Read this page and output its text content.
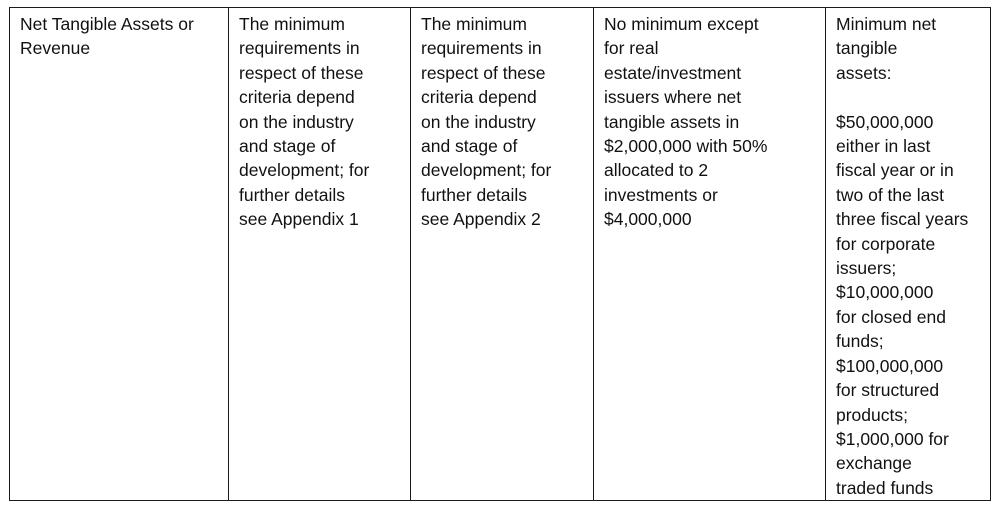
Net Tangible Assets or
Revenue	The minimum
requirements in
respect of these
criteria depend
on the industry
and stage of
development; for
further details
see Appendix 1	The minimum
requirements in
respect of these
criteria depend
on the industry
and stage of
development; for
further details
see Appendix 2	No minimum except
for real
estate/investment
issuers where net
tangible assets in
$2,000,000 with 50%
allocated to 2
investments or
$4,000,000	Minimum net
tangible
assets:

$50,000,000
either in last
fiscal year or in
two of the last
three fiscal years
for corporate
issuers;
$10,000,000
for closed end
funds;
$100,000,000
for structured
products;
$1,000,000 for
exchange
traded funds
